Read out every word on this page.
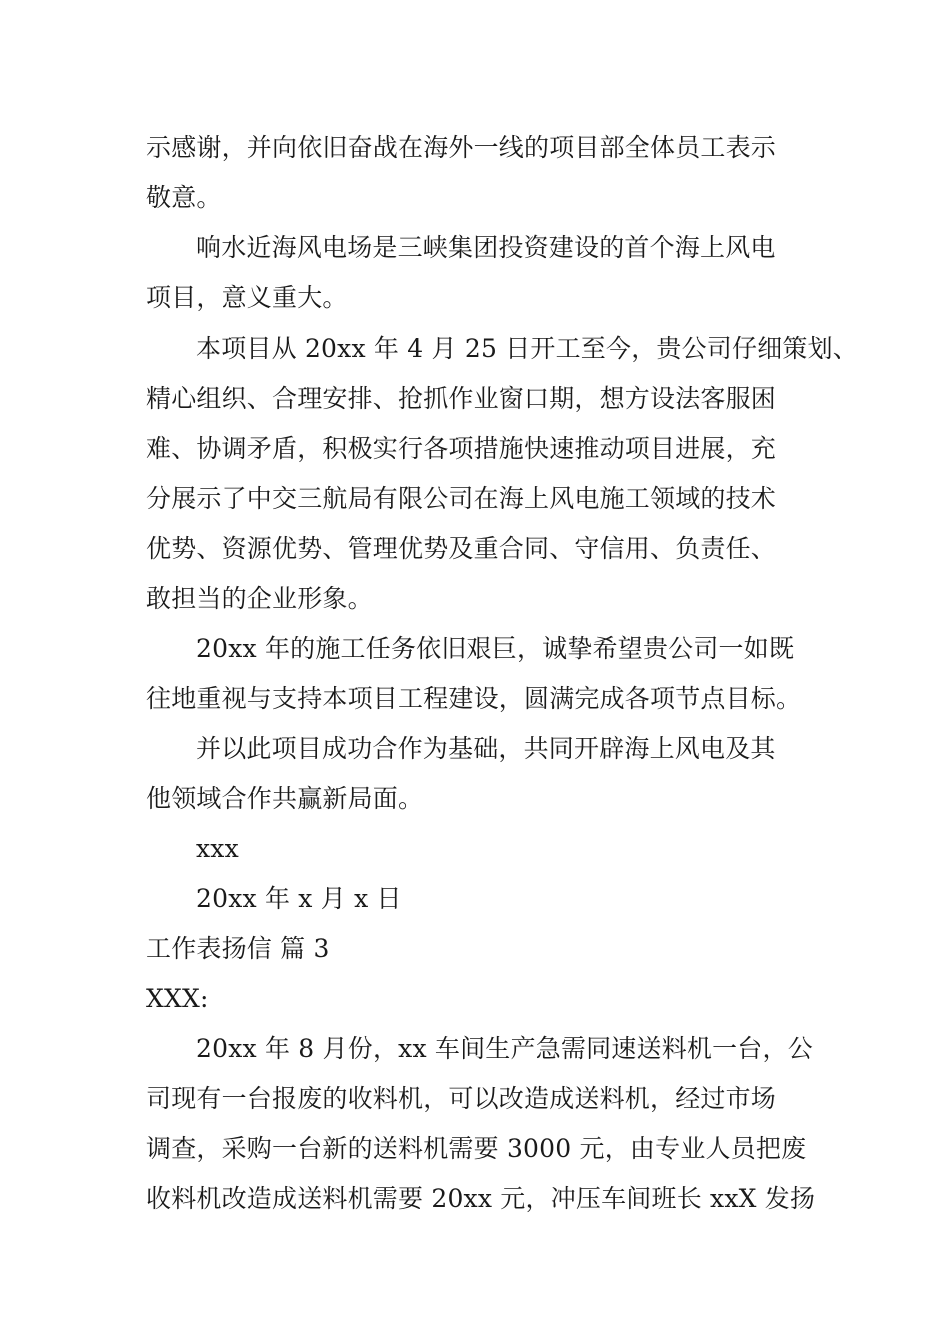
示感谢，并向依旧奋战在海外一线的项目部全体员工表示
敬意。
响水近海风电场是三峡集团投资建设的首个海上风电
项目，意义重大。
本项目从 20xx 年 4 月 25 日开工至今，贵公司仔细策划、
精心组织、合理安排、抢抓作业窗口期，想方设法客服困
难、协调矛盾，积极实行各项措施快速推动项目进展，充
分展示了中交三航局有限公司在海上风电施工领域的技术
优势、资源优势、管理优势及重合同、守信用、负责任、
敢担当的企业形象。
20xx 年的施工任务依旧艰巨，诚挚希望贵公司一如既
往地重视与支持本项目工程建设，圆满完成各项节点目标。
并以此项目成功合作为基础，共同开辟海上风电及其
他领域合作共赢新局面。
xxx
20xx 年 x 月 x 日
工作表扬信 篇 3
XXX:
20xx 年 8 月份，xx 车间生产急需同速送料机一台，公
司现有一台报废的收料机，可以改造成送料机，经过市场
调查，采购一台新的送料机需要 3000 元，由专业人员把废
收料机改造成送料机需要 20xx 元，冲压车间班长 xxX 发扬
